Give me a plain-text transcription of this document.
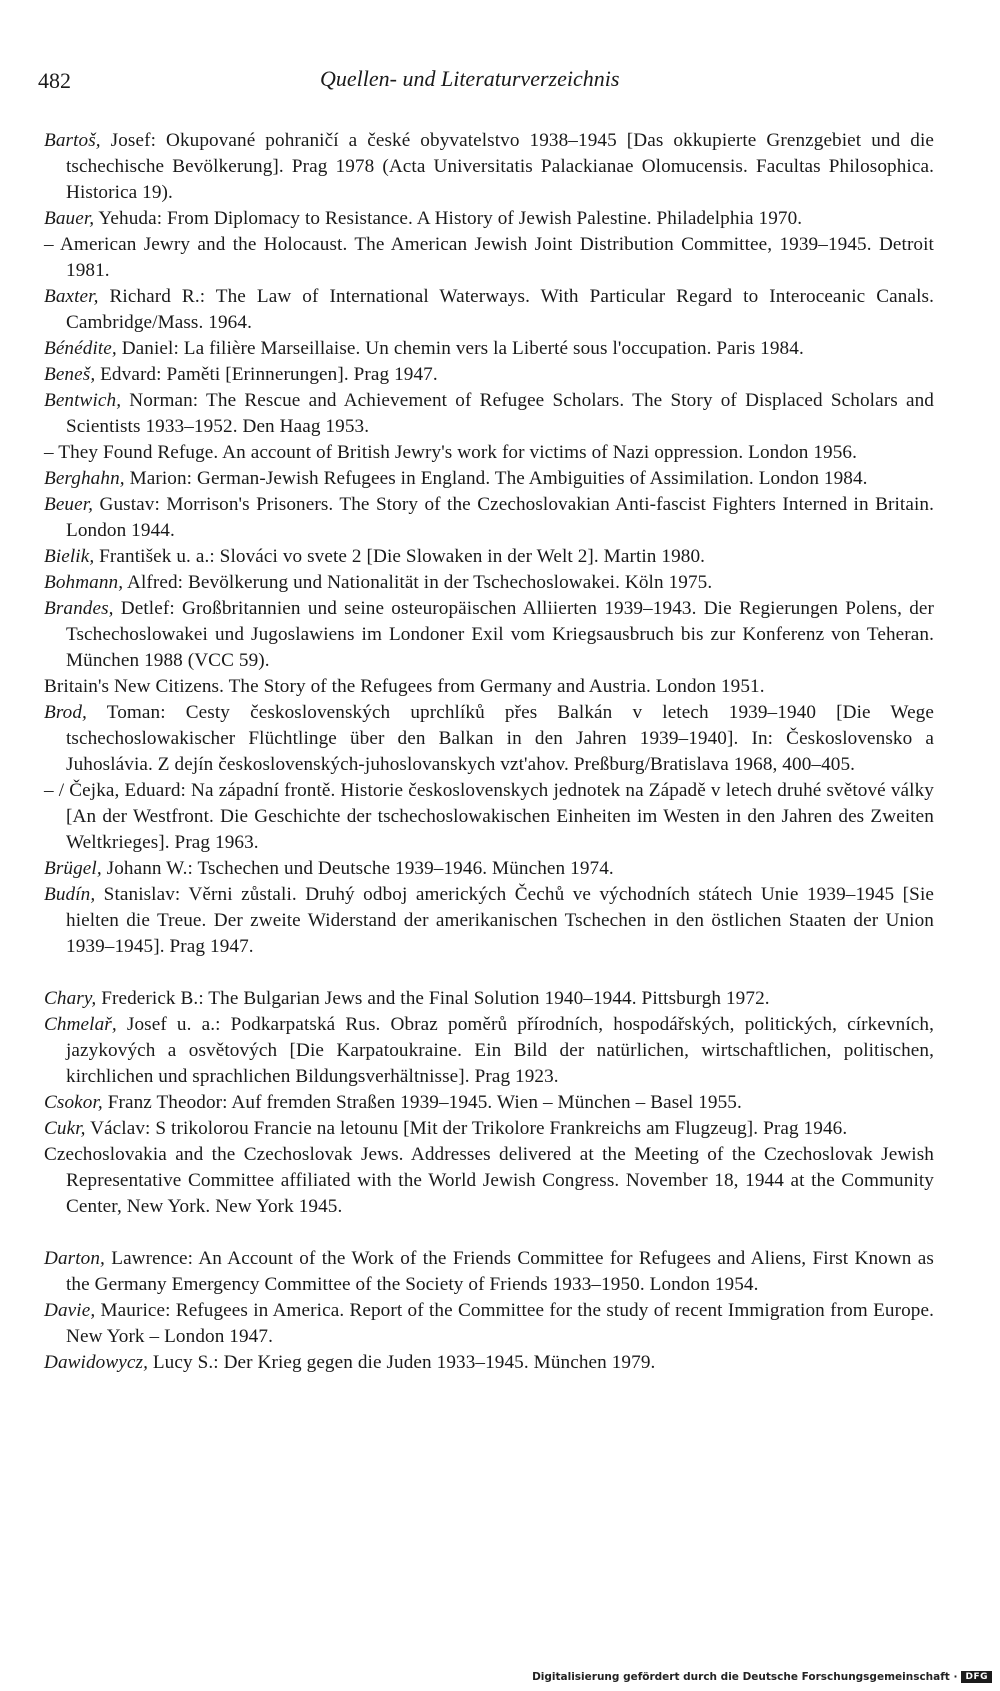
482	Quellen- und Literaturverzeichnis

Bartoš, Josef: Okupované pohraničí a české obyvatelstvo 1938–1945 [Das okkupierte Grenzgebiet und die tschechische Bevölkerung]. Prag 1978 (Acta Universitatis Palackianae Olomucensis. Facultas Philosophica. Historica 19).

Bauer, Yehuda: From Diplomacy to Resistance. A History of Jewish Palestine. Philadelphia 1970.

– American Jewry and the Holocaust. The American Jewish Joint Distribution Committee, 1939–1945. Detroit 1981.

Baxter, Richard R.: The Law of International Waterways. With Particular Regard to Interoceanic Canals. Cambridge/Mass. 1964.

Bénédite, Daniel: La filière Marseillaise. Un chemin vers la Liberté sous l'occupation. Paris 1984.

Beneš, Edvard: Paměti [Erinnerungen]. Prag 1947.

Bentwich, Norman: The Rescue and Achievement of Refugee Scholars. The Story of Displaced Scholars and Scientists 1933–1952. Den Haag 1953.

– They Found Refuge. An account of British Jewry's work for victims of Nazi oppression. London 1956.

Berghahn, Marion: German-Jewish Refugees in England. The Ambiguities of Assimilation. London 1984.

Beuer, Gustav: Morrison's Prisoners. The Story of the Czechoslovakian Anti-fascist Fighters Interned in Britain. London 1944.

Bielik, František u. a.: Slováci vo svete 2 [Die Slowaken in der Welt 2]. Martin 1980.

Bohmann, Alfred: Bevölkerung und Nationalität in der Tschechoslowakei. Köln 1975.

Brandes, Detlef: Großbritannien und seine osteuropäischen Alliierten 1939–1943. Die Regierungen Polens, der Tschechoslowakei und Jugoslawiens im Londoner Exil vom Kriegsausbruch bis zur Konferenz von Teheran. München 1988 (VCC 59).

Britain's New Citizens. The Story of the Refugees from Germany and Austria. London 1951.

Brod, Toman: Cesty československých uprchlíků přes Balkán v letech 1939–1940 [Die Wege tschechoslowakischer Flüchtlinge über den Balkan in den Jahren 1939–1940]. In: Československo a Juhoslávia. Z dejín československých-juhoslovanskych vzt'ahov. Preßburg/Bratislava 1968, 400–405.

– / Čejka, Eduard: Na západní frontě. Historie československych jednotek na Západě v letech druhé světové války [An der Westfront. Die Geschichte der tschechoslowakischen Einheiten im Westen in den Jahren des Zweiten Weltkrieges]. Prag 1963.

Brügel, Johann W.: Tschechen und Deutsche 1939–1946. München 1974.

Budín, Stanislav: Věrni zůstali. Druhý odboj amerických Čechů ve východních státech Unie 1939–1945 [Sie hielten die Treue. Der zweite Widerstand der amerikanischen Tschechen in den östlichen Staaten der Union 1939–1945]. Prag 1947.

Chary, Frederick B.: The Bulgarian Jews and the Final Solution 1940–1944. Pittsburgh 1972.

Chmelař, Josef u. a.: Podkarpatská Rus. Obraz poměrů přírodních, hospodářských, politických, církevních, jazykových a osvětových [Die Karpatoukraine. Ein Bild der natürlichen, wirtschaftlichen, politischen, kirchlichen und sprachlichen Bildungsverhältnisse]. Prag 1923.

Csokor, Franz Theodor: Auf fremden Straßen 1939–1945. Wien – München – Basel 1955.

Cukr, Václav: S trikolorou Francie na letounu [Mit der Trikolore Frankreichs am Flugzeug]. Prag 1946.

Czechoslovakia and the Czechoslovak Jews. Addresses delivered at the Meeting of the Czechoslovak Jewish Representative Committee affiliated with the World Jewish Congress. November 18, 1944 at the Community Center, New York. New York 1945.

Darton, Lawrence: An Account of the Work of the Friends Committee for Refugees and Aliens, First Known as the Germany Emergency Committee of the Society of Friends 1933–1950. London 1954.

Davie, Maurice: Refugees in America. Report of the Committee for the study of recent Immigration from Europe. New York – London 1947.

Dawidowycz, Lucy S.: Der Krieg gegen die Juden 1933–1945. München 1979.

Digitalisierung gefördert durch die Deutsche Forschungsgemeinschaft · DFG
